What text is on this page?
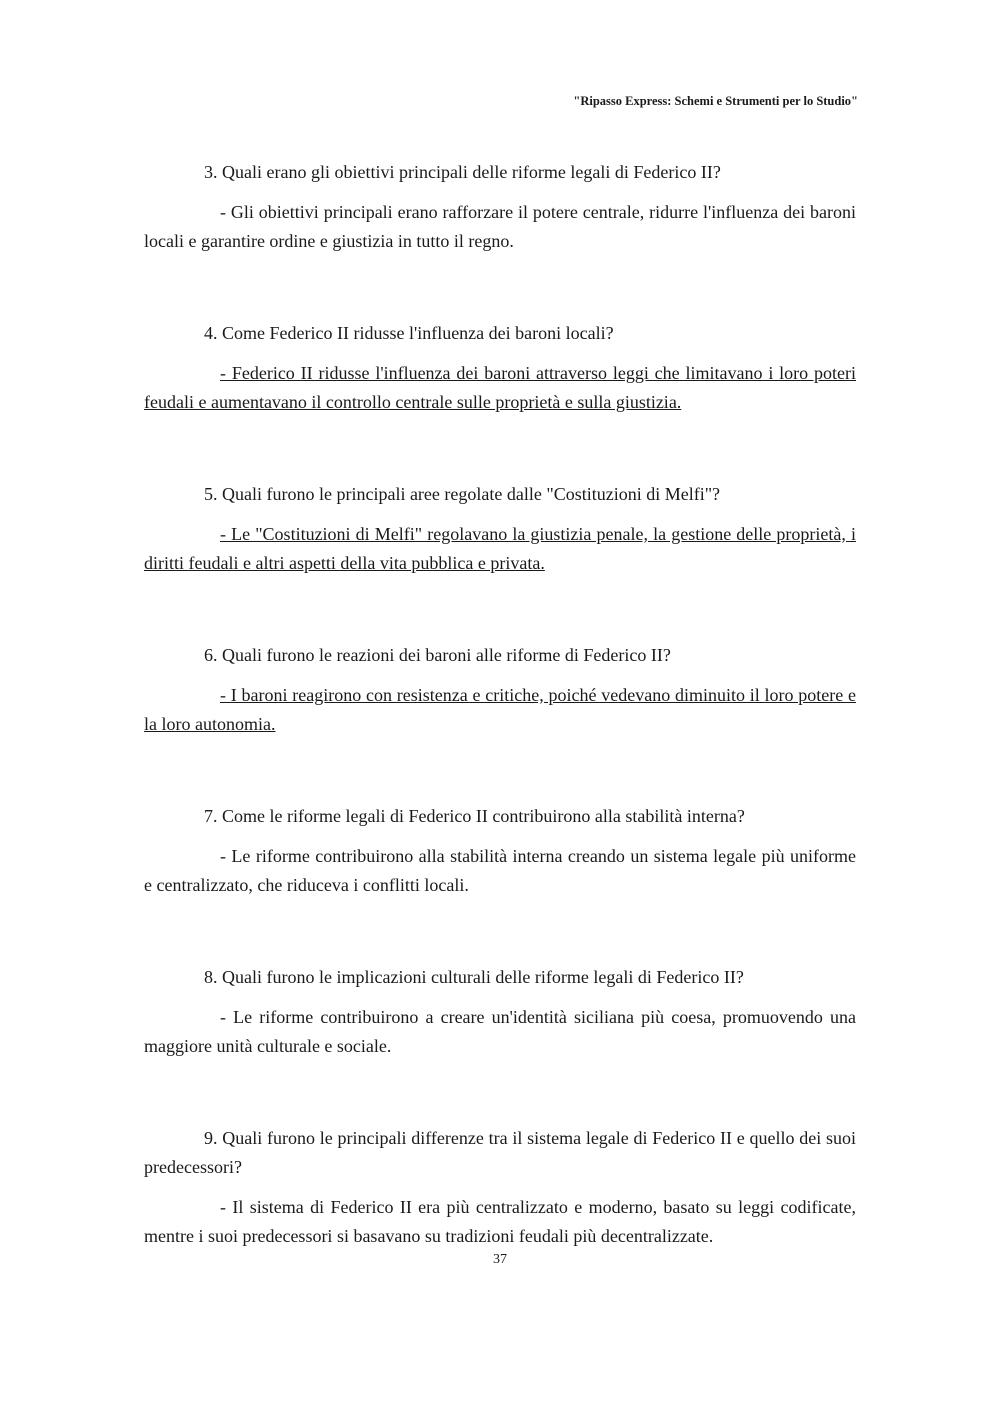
"Ripasso Express: Schemi e Strumenti per lo Studio"

3. Quali erano gli obiettivi principali delle riforme legali di Federico II?

- Gli obiettivi principali erano rafforzare il potere centrale, ridurre l'influenza dei baroni locali e garantire ordine e giustizia in tutto il regno.

4. Come Federico II ridusse l'influenza dei baroni locali?

- Federico II ridusse l'influenza dei baroni attraverso leggi che limitavano i loro poteri feudali e aumentavano il controllo centrale sulle proprietà e sulla giustizia.

5. Quali furono le principali aree regolate dalle "Costituzioni di Melfi"?

- Le "Costituzioni di Melfi" regolavano la giustizia penale, la gestione delle proprietà, i diritti feudali e altri aspetti della vita pubblica e privata.

6. Quali furono le reazioni dei baroni alle riforme di Federico II?

- I baroni reagirono con resistenza e critiche, poiché vedevano diminuito il loro potere e la loro autonomia.

7. Come le riforme legali di Federico II contribuirono alla stabilità interna?

- Le riforme contribuirono alla stabilità interna creando un sistema legale più uniforme e centralizzato, che riduceva i conflitti locali.

8. Quali furono le implicazioni culturali delle riforme legali di Federico II?

- Le riforme contribuirono a creare un'identità siciliana più coesa, promuovendo una maggiore unità culturale e sociale.

9. Quali furono le principali differenze tra il sistema legale di Federico II e quello dei suoi predecessori?

- Il sistema di Federico II era più centralizzato e moderno, basato su leggi codificate, mentre i suoi predecessori si basavano su tradizioni feudali più decentralizzate.

37
